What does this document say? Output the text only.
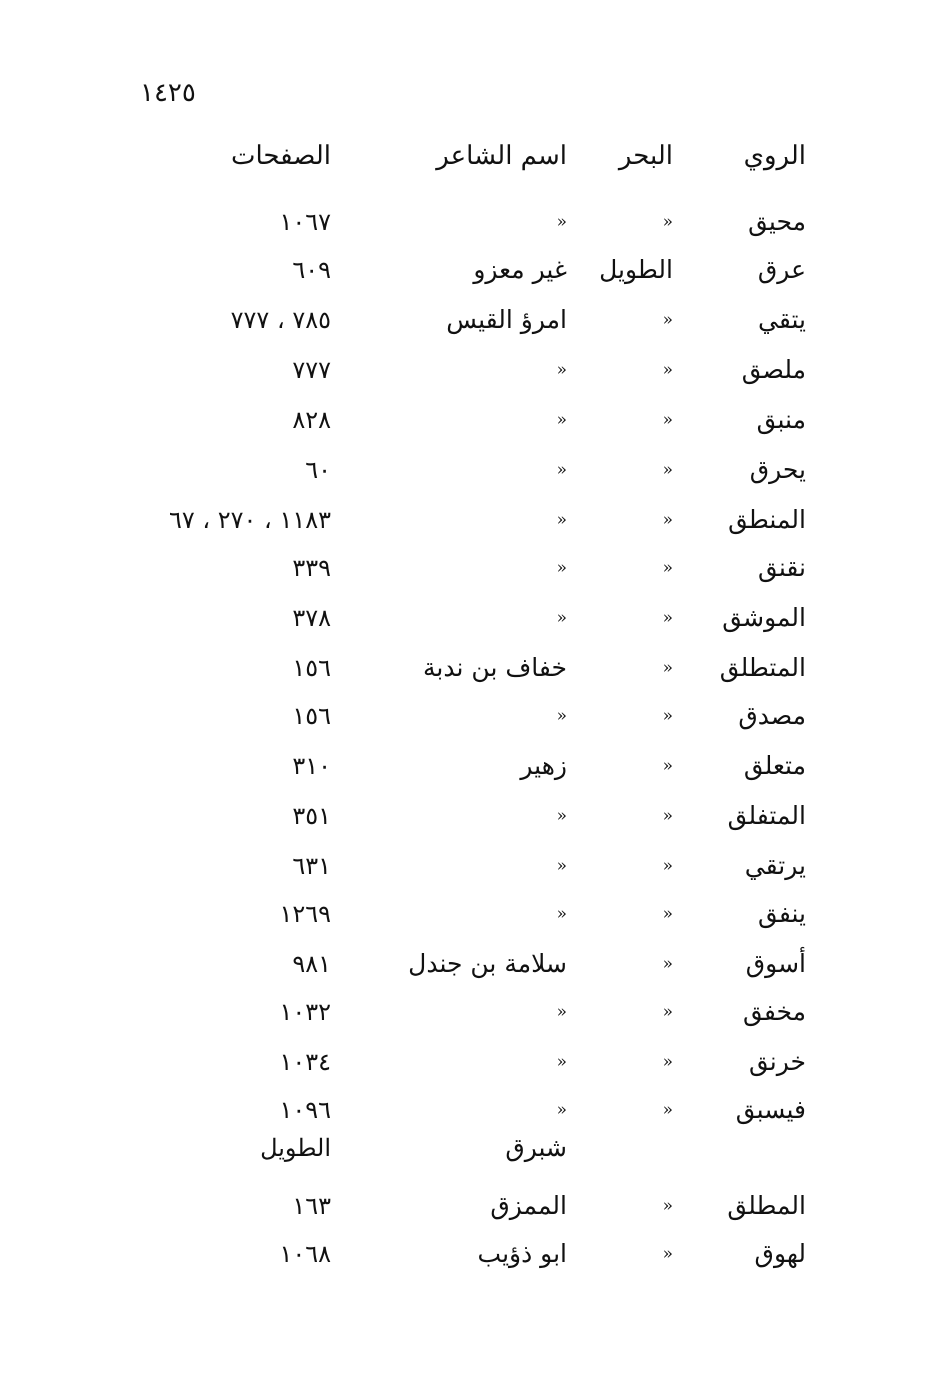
١٤٢٥
الروي
البحر
اسم الشاعر
الصفحات
محيق
«
«
١٠٦٧
عرق
الطويل
غير معزو
٦٠٩
يتقي
«
امرؤ القيس
٧٨٥ ، ٧٧٧
ملصق
«
«
٧٧٧
منبق
«
«
٨٢٨
يحرق
«
«
٦٠
المنطق
«
«
١١٨٣ ، ٢٧٠ ، ٦٧
نقنق
«
«
٣٣٩
الموشق
«
«
٣٧٨
المتطلق
«
خفاف بن ندبة
١٥٦
مصدق
«
«
١٥٦
متعلق
«
زهير
٣١٠
المتفلق
«
«
٣٥١
يرتقي
«
«
٦٣١
ينفق
«
«
١٢٦٩
أسوق
«
سلامة بن جندل
٩٨١
مخفق
«
«
١٠٣٢
خرنق
«
«
١٠٣٤
فيسبق
«
«
١٠٩٦
شبرق
الطويل
المطلق
«
الممزق
١٦٣
لهوق
«
ابو ذؤيب
١٠٦٨
